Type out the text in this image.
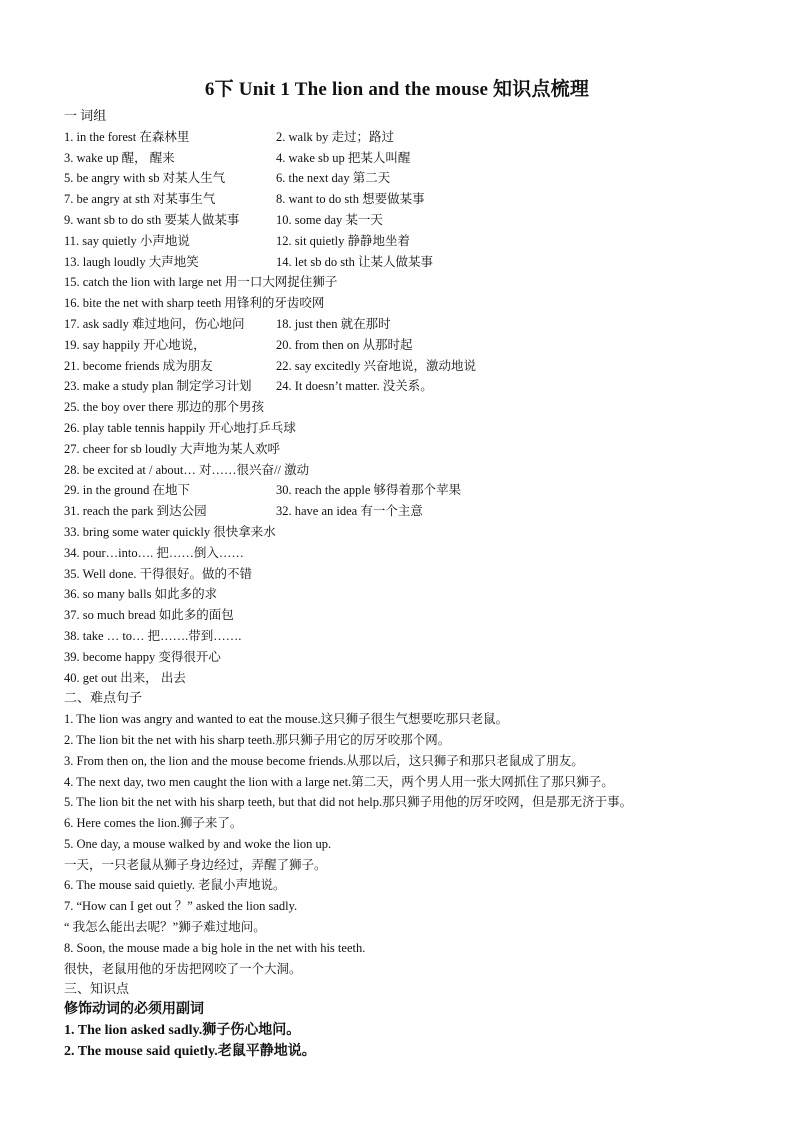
6下 Unit 1 The lion and the mouse 知识点梳理
一 词组
1. in the forest 在森林里	2. walk by 走过；路过
3. wake up 醒， 醒来	4. wake sb up 把某人叫醒
5. be angry with sb 对某人生气	6. the next day 第二天
7. be angry at sth 对某事生气	8. want to do sth 想要做某事
9. want sb to do sth 要某人做某事	10. some day 某一天
11. say quietly 小声地说	12. sit quietly 静静地坐着
13. laugh loudly 大声地笑	14. let sb do sth 让某人做某事
15. catch the lion with large net 用一口大网捉住狮子
16. bite the net with sharp teeth 用锋利的牙齿咬网
17. ask sadly 难过地问，伤心地问	18. just then 就在那时
19. say happily 开心地说，	20. from then on 从那时起
21. become friends 成为朋友	22. say excitedly 兴奋地说，激动地说
23. make a study plan 制定学习计划 24. It doesn’t matter. 没关系。
25. the boy over there 那边的那个男孩
26. play table tennis happily 开心地打乒乓球
27. cheer for sb loudly 大声地为某人欢呼
28. be excited at / about… 对……很兴奋// 激动
29. in the ground 在地下	30. reach the apple 够得着那个苹果
31. reach the park 到达公园	32. have an idea 有一个主意
33. bring some water quickly 很快拿来水
34. pour…into…. 把……倒入……
35. Well done. 干得很好。做的不错
36. so many balls 如此多的求
37. so much bread 如此多的面包
38. take … to… 把…….带到…….
39. become happy 变得很开心
40. get out 出来， 出去
二、难点句子
1. The lion was angry and wanted to eat the mouse.这只狮子很生气想要吃那只老鼠。
2. The lion bit the net with his sharp teeth.那只狮子用它的厉牙咬那个网。
3. From then on, the lion and the mouse become friends.从那以后，这只狮子和那只老鼠成了朋友。
4. The next day, two men caught the lion with a large net.第二天，两个男人用一张大网抓住了那只狮子。
5. The lion bit the net with his sharp teeth, but that did not help.那只狮子用他的厉牙咬网，但是那无济于事。
6. Here comes the lion.狮子来了。
5. One day, a mouse walked by and woke the lion up.
一天，一只老鼠从狮子身边经过，弄醒了狮子。
6. The mouse said quietly. 老鼠小声地说。
7. “How can I get out ？” asked the lion sadly.
“ 我怎么能出去呢？”狮子难过地问。
8. Soon, the mouse made a big hole in the net with his teeth.
很快，老鼠用他的牙齿把网咬了一个大洞。
三、知识点
修饰动词的必须用副词
1. The lion asked sadly.狮子伤心地问。
2. The mouse said quietly.老鼠平静地说。
